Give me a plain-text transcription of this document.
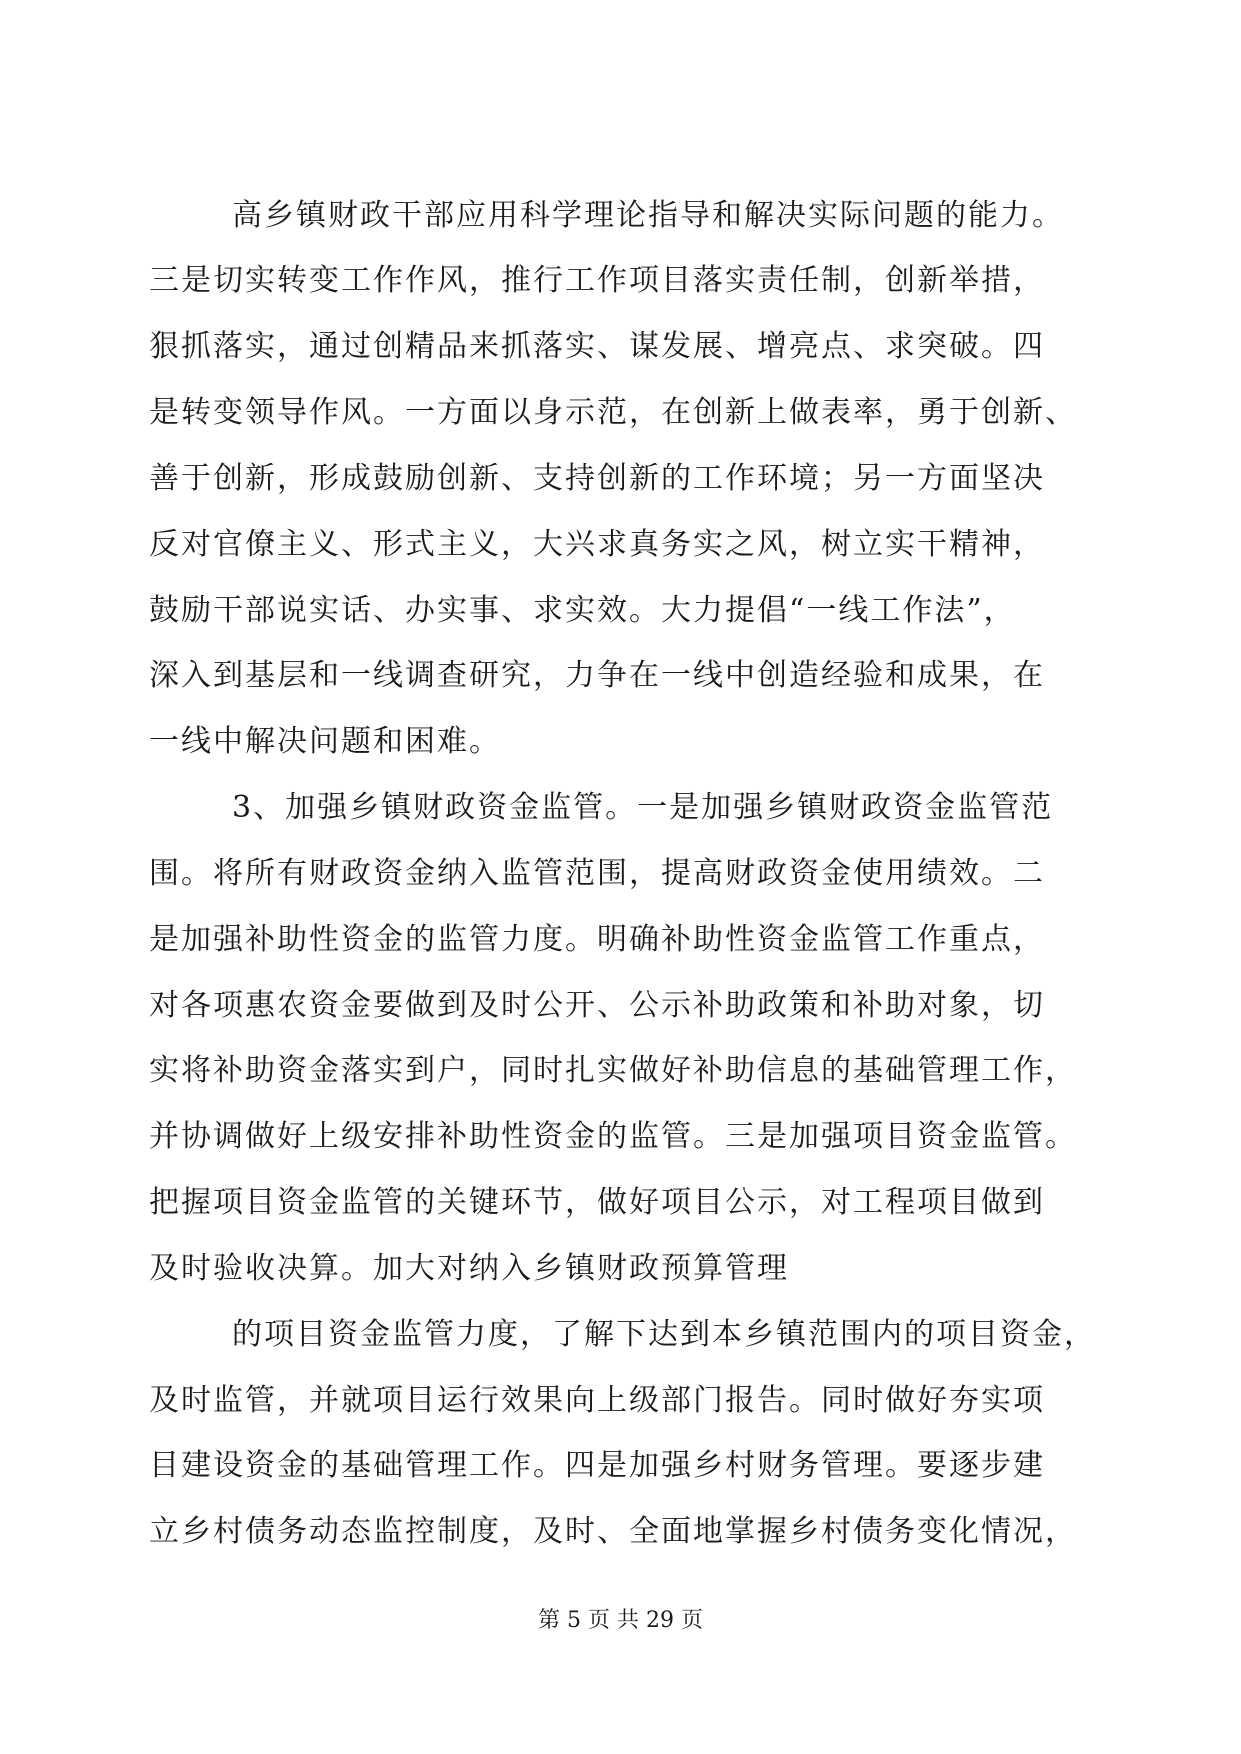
高乡镇财政干部应用科学理论指导和解决实际问题的能力。
三是切实转变工作作风，推行工作项目落实责任制，创新举措，
狠抓落实，通过创精品来抓落实、谋发展、增亮点、求突破。四
是转变领导作风。一方面以身示范，在创新上做表率，勇于创新、
善于创新，形成鼓励创新、支持创新的工作环境；另一方面坚决
反对官僚主义、形式主义，大兴求真务实之风，树立实干精神，
鼓励干部说实话、办实事、求实效。大力提倡“一线工作法”，
深入到基层和一线调查研究，力争在一线中创造经验和成果，在
一线中解决问题和困难。
3、加强乡镇财政资金监管。一是加强乡镇财政资金监管范
围。将所有财政资金纳入监管范围，提高财政资金使用绩效。二
是加强补助性资金的监管力度。明确补助性资金监管工作重点，
对各项惠农资金要做到及时公开、公示补助政策和补助对象，切
实将补助资金落实到户，同时扎实做好补助信息的基础管理工作，
并协调做好上级安排补助性资金的监管。三是加强项目资金监管。
把握项目资金监管的关键环节，做好项目公示，对工程项目做到
及时验收决算。加大对纳入乡镇财政预算管理
的项目资金监管力度，了解下达到本乡镇范围内的项目资金，
及时监管，并就项目运行效果向上级部门报告。同时做好夯实项
目建设资金的基础管理工作。四是加强乡村财务管理。要逐步建
立乡村债务动态监控制度，及时、全面地掌握乡村债务变化情况，
第 5 页 共 29 页
